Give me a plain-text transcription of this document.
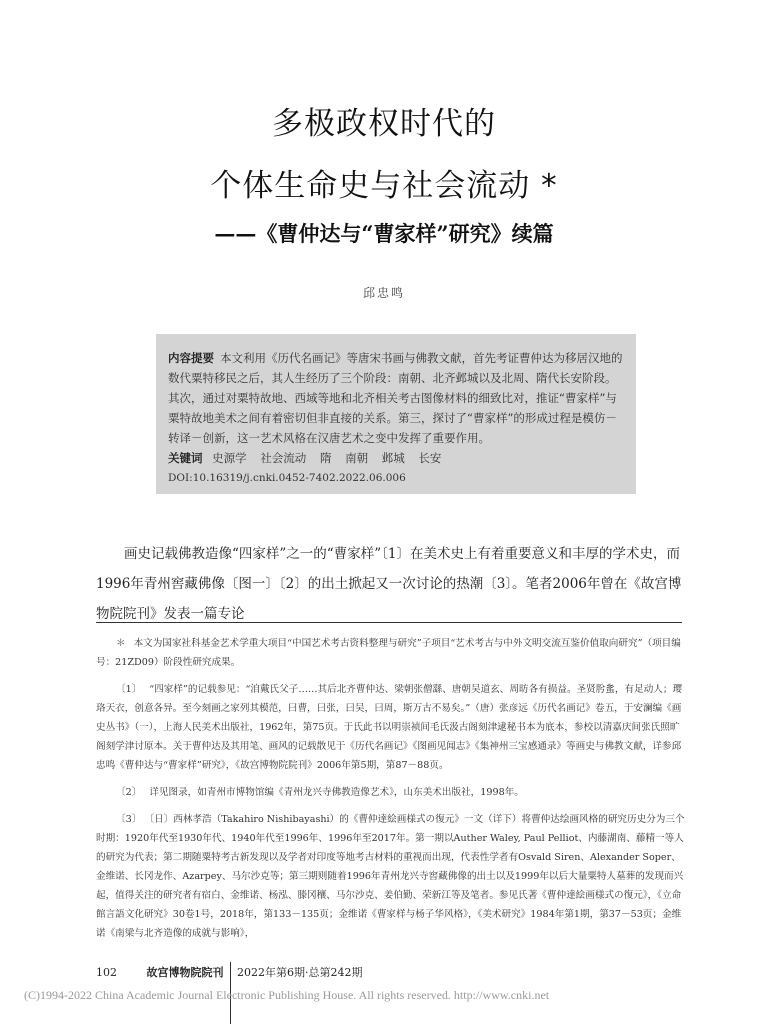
多极政权时代的
个体生命史与社会流动 *
——《曹仲达与“曹家样”研究》续篇
邱忠鸣
内容提要 本文利用《历代名画记》等唐宋书画与佛教文献，首先考证曹仲达为移居汉地的数代粟特移民之后，其人生经历了三个阶段：南朝、北齐邺城以及北周、隋代长安阶段。其次，通过对粟特故地、西域等地和北齐相关考古图像材料的细致比对，推证“曹家样”与粟特故地美术之间有着密切但非直接的关系。第三，探讨了“曹家样”的形成过程是模仿－转译－创新，这一艺术风格在汉唐艺术之变中发挥了重要作用。
关键词 史源学 社会流动 隋 南朝 邺城 长安
DOI:10.16319/j.cnki.0452-7402.2022.06.006

画史记载佛教造像“四家样”之一的“曹家样”〔1〕在美术史上有着重要意义和丰厚的学术史，而1996年青州窖藏佛像〔图一〕〔2〕的出土掀起又一次讨论的热潮〔3〕。笔者2006年曾在《故宫博物院院刊》发表一篇专论

＊ 本文为国家社科基金艺术学重大项目“中国艺术考古资料整理与研究”子项目“艺术考古与中外文明交流互鉴价值取向研究”（项目编号：21ZD09）阶段性研究成果。

〔1〕 “四家样”的记载参见：“洎戴氏父子……其后北齐曹仲达、梁朝张僧繇、唐朝吴道玄、周昉各有损益。圣贤肹蚃，有足动人；璎珞天衣，创意各异。至今刻画之家列其模范，曰曹，曰张，曰吴，曰周，斯万古不易矣。”（唐）张彦远《历代名画记》卷五，于安澜编《画史丛书》（一），上海人民美术出版社，1962年，第75页。于氏此书以明崇祯间毛氏汲古阁刻津逮秘书本为底本，参校以清嘉庆间张氏照旷阁刻学津讨原本。关于曹仲达及其用笔、画风的记载散见于《历代名画记》《图画见闻志》《集神州三宝感通录》等画史与佛教文献，详参邱忠鸣《曹仲达与“曹家样”研究》，《故宫博物院院刊》2006年第5期，第87－88页。

〔2〕 详见图录，如青州市博物馆编《青州龙兴寺佛教造像艺术》，山东美术出版社，1998年。

〔3〕 〔日〕西林孝浩（Takahiro Nishibayashi）的《曹仲達絵画様式の復元》一文（详下）将曹仲达绘画风格的研究历史分为三个时期：1920年代至1930年代、1940年代至1996年、1996年至2017年。第一期以Auther Waley, Paul Pelliot、内藤湖南、藤精一等人的研究为代表；第二期随粟特考古新发现以及学者对印度等地考古材料的重视而出现，代表性学者有Osvald Siren、Alexander Soper、金维诺、长冈龙作、Azarpey、马尔沙克等；第三期则随着1996年青州龙兴寺窖藏佛像的出土以及1999年以后大量粟特人墓葬的发现而兴起，值得关注的研究者有宿白、金维诺、杨泓、滕冈穰、马尔沙克、姜伯勤、荣新江等及笔者。参见氏著《曹仲達絵画様式の復元》，《立命館言語文化研究》30卷1号，2018年，第133－135页；金维诺《曹家样与杨子华风格》，《美术研究》1984年第1期，第37－53页；金维诺《南梁与北齐造像的成就与影响》，

102	故宫博物院院刊 2022年第6期·总第242期
(C)1994-2022 China Academic Journal Electronic Publishing House. All rights reserved. http://www.cnki.net
